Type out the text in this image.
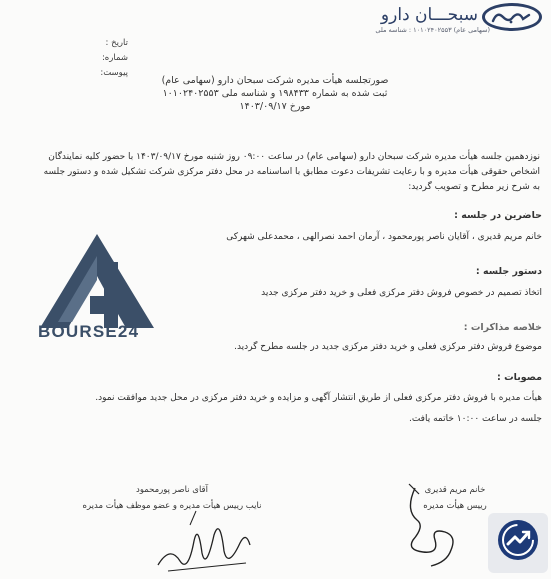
سبحـــان دارو
(سهامی عام) ۱۰۱۰۲۴۰۲۵۵۳ : شناسه ملی
تاریخ :
شماره:
پیوست:
صورتجلسه هیأت مدیره شرکت سبحان دارو (سهامی عام)
ثبت شده به شماره ۱۹۸۴۳۳ و شناسه ملی ۱۰۱۰۲۴۰۲۵۵۳
مورخ ۱۴۰۳/۰۹/۱۷
نوزدهمین جلسه هیأت مدیره شرکت سبحان دارو (سهامی عام) در ساعت ۰۹:۰۰ روز شنبه مورخ ۱۴۰۳/۰۹/۱۷ با حضور کلیه نمایندگان
اشخاص حقوقی هیأت مدیره و با رعایت تشریفات دعوت مطابق با اساسنامه در محل دفتر مرکزی شرکت تشکیل شده و دستور جلسه
به شرح زیر مطرح و تصویب گردید:
BOURSE24
حاضرین در جلسه :
خانم مریم قدیری ، آقایان ناصر پورمحمود ، آرمان احمد نصرالهی ، محمدعلی شهرکی
دستور جلسه :
اتخاذ تصمیم در خصوص فروش دفتر مرکزی فعلی و خرید دفتر مرکزی جدید
خلاصه مذاکرات :
موضوع فروش دفتر مرکزی فعلی و خرید دفتر مرکزی جدید در جلسه مطرح گردید.
مصوبات :
هیأت مدیره با فروش دفتر مرکزی فعلی از طریق انتشار آگهی و مزایده و خرید دفتر مرکزی در محل جدید موافقت نمود.
جلسه در ساعت ۱۰:۰۰ خاتمه یافت.
خانم مریم قدیری
رییس هیأت مدیره
آقای ناصر پورمحمود
نایب رییس هیأت مدیره و عضو موظف هیأت مدیره
